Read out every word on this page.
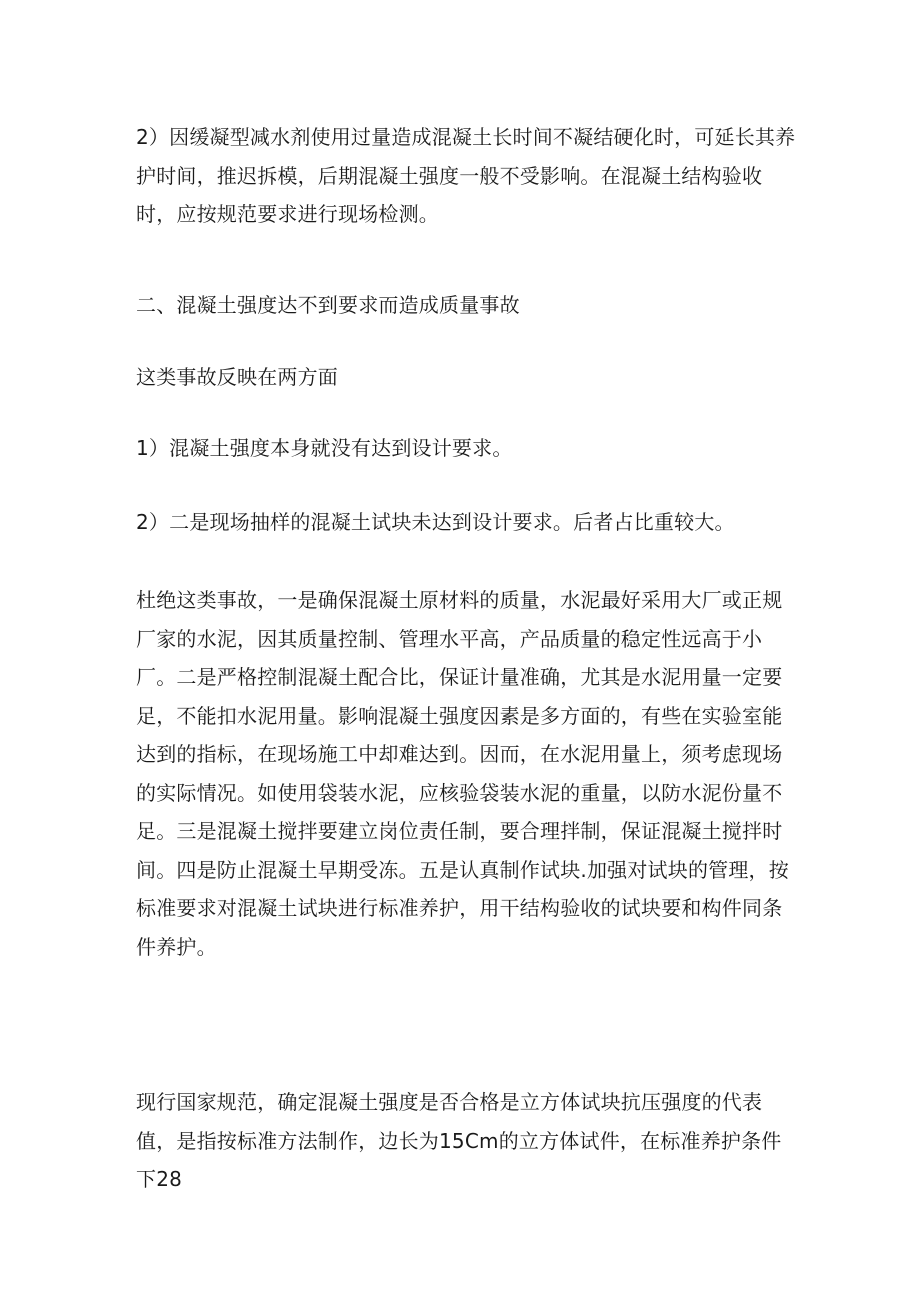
2）因缓凝型减水剂使用过量造成混凝土长时间不凝结硬化时，可延长其养护时间，推迟拆模，后期混凝土强度一般不受影响。在混凝土结构验收时，应按规范要求进行现场检测。

二、混凝土强度达不到要求而造成质量事故

这类事故反映在两方面

1）混凝土强度本身就没有达到设计要求。

2）二是现场抽样的混凝土试块未达到设计要求。后者占比重较大。

杜绝这类事故，一是确保混凝土原材料的质量，水泥最好采用大厂或正规厂家的水泥，因其质量控制、管理水平高，产品质量的稳定性远高于小厂。二是严格控制混凝土配合比，保证计量准确，尤其是水泥用量一定要足，不能扣水泥用量。影响混凝土强度因素是多方面的，有些在实验室能达到的指标，在现场施工中却难达到。因而，在水泥用量上，须考虑现场的实际情况。如使用袋装水泥，应核验袋装水泥的重量，以防水泥份量不足。三是混凝土搅拌要建立岗位责任制，要合理拌制，保证混凝土搅拌时间。四是防止混凝土早期受冻。五是认真制作试块.加强对试块的管理，按标准要求对混凝土试块进行标准养护，用干结构验收的试块要和构件同条件养护。

现行国家规范，确定混凝土强度是否合格是立方体试块抗压强度的代表值，是指按标准方法制作，边长为15Cm的立方体试件，在标准养护条件下28
